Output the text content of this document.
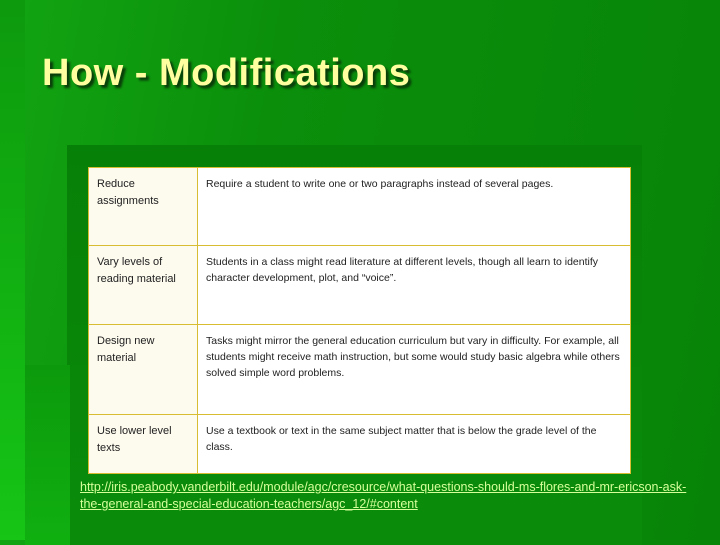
How - Modifications
Reduce assignments	Require a student to write one or two paragraphs instead of several pages.
Vary levels of reading material	Students in a class might read literature at different levels, though all learn to identify character development, plot, and “voice”.
Design new material	Tasks might mirror the general education curriculum but vary in difficulty. For example, all students might receive math instruction, but some would study basic algebra while others solved simple word problems.
Use lower level texts	Use a textbook or text in the same subject matter that is below the grade level of the class.
http://iris.peabody.vanderbilt.edu/module/agc/cresource/what-questions-should-ms-flores-and-mr-ericson-ask-the-general-and-special-education-teachers/agc_12/#content
